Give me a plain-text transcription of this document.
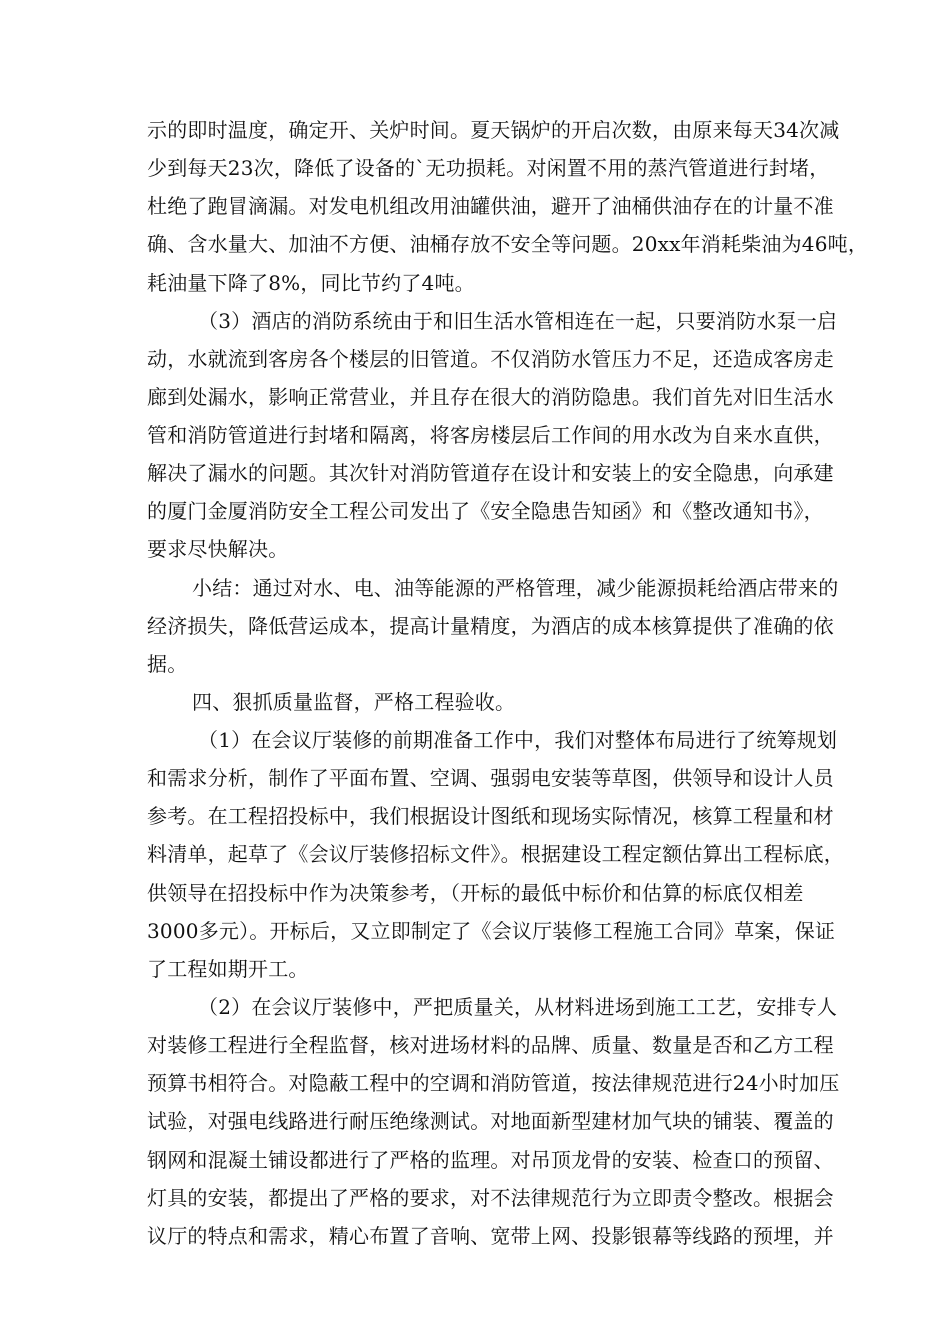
示的即时温度，确定开、关炉时间。夏天锅炉的开启次数，由原来每天34次减
少到每天23次，降低了设备的`无功损耗。对闲置不用的蒸汽管道进行封堵，
杜绝了跑冒滴漏。对发电机组改用油罐供油，避开了油桶供油存在的计量不准
确、含水量大、加油不方便、油桶存放不安全等问题。20xx年消耗柴油为46吨，
耗油量下降了8%，同比节约了4吨。
（3）酒店的消防系统由于和旧生活水管相连在一起，只要消防水泵一启
动，水就流到客房各个楼层的旧管道。不仅消防水管压力不足，还造成客房走
廊到处漏水，影响正常营业，并且存在很大的消防隐患。我们首先对旧生活水
管和消防管道进行封堵和隔离，将客房楼层后工作间的用水改为自来水直供，
解决了漏水的问题。其次针对消防管道存在设计和安装上的安全隐患，向承建
的厦门金厦消防安全工程公司发出了《安全隐患告知函》和《整改通知书》，
要求尽快解决。
小结：通过对水、电、油等能源的严格管理，减少能源损耗给酒店带来的
经济损失，降低营运成本，提高计量精度，为酒店的成本核算提供了准确的依
据。
四、狠抓质量监督，严格工程验收。
（1）在会议厅装修的前期准备工作中，我们对整体布局进行了统筹规划
和需求分析，制作了平面布置、空调、强弱电安装等草图，供领导和设计人员
参考。在工程招投标中，我们根据设计图纸和现场实际情况，核算工程量和材
料清单，起草了《会议厅装修招标文件》。根据建设工程定额估算出工程标底，
供领导在招投标中作为决策参考，（开标的最低中标价和估算的标底仅相差
3000多元）。开标后，又立即制定了《会议厅装修工程施工合同》草案，保证
了工程如期开工。
（2）在会议厅装修中，严把质量关，从材料进场到施工工艺，安排专人
对装修工程进行全程监督，核对进场材料的品牌、质量、数量是否和乙方工程
预算书相符合。对隐蔽工程中的空调和消防管道，按法律规范进行24小时加压
试验，对强电线路进行耐压绝缘测试。对地面新型建材加气块的铺装、覆盖的
钢网和混凝土铺设都进行了严格的监理。对吊顶龙骨的安装、检查口的预留、
灯具的安装，都提出了严格的要求，对不法律规范行为立即责令整改。根据会
议厅的特点和需求，精心布置了音响、宽带上网、投影银幕等线路的预埋，并
